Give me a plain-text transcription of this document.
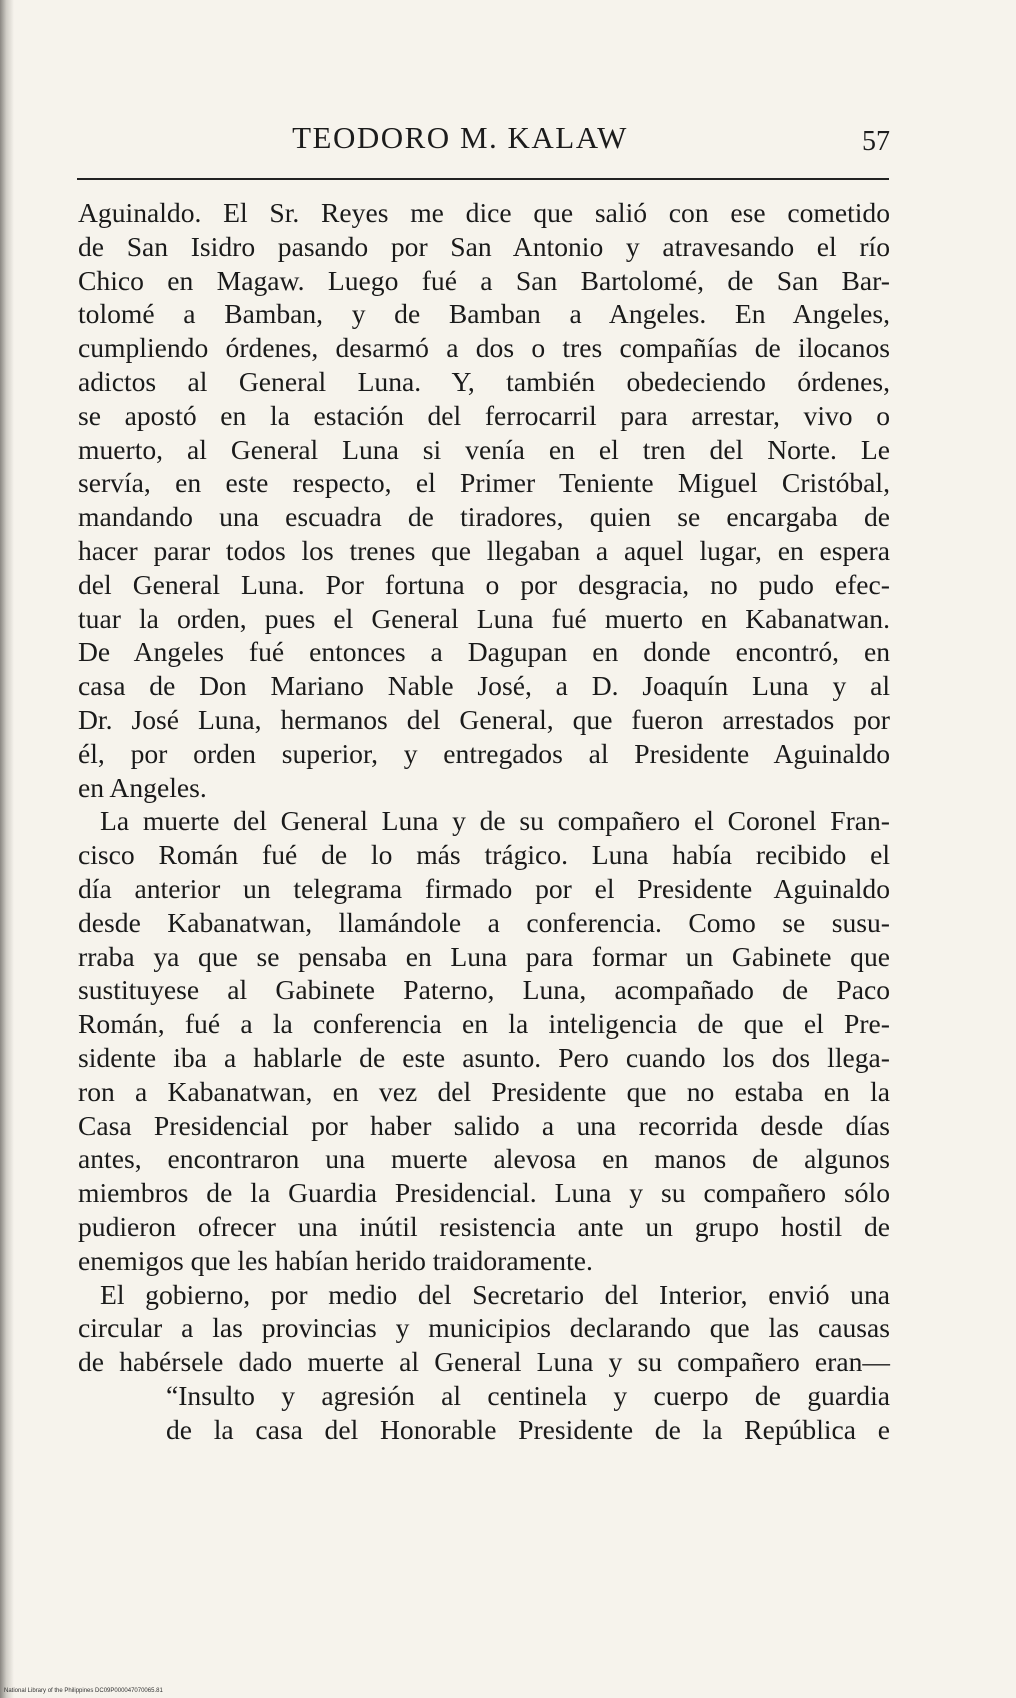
TEODORO M. KALAW	57
Aguinaldo. El Sr. Reyes me dice que salió con ese cometido
de San Isidro pasando por San Antonio y atravesando el río
Chico en Magaw. Luego fué a San Bartolomé, de San Bar-
tolomé a Bamban, y de Bamban a Angeles. En Angeles,
cumpliendo órdenes, desarmó a dos o tres compañías de ilocanos
adictos al General Luna. Y, también obedeciendo órdenes,
se apostó en la estación del ferrocarril para arrestar, vivo o
muerto, al General Luna si venía en el tren del Norte. Le
servía, en este respecto, el Primer Teniente Miguel Cristóbal,
mandando una escuadra de tiradores, quien se encargaba de
hacer parar todos los trenes que llegaban a aquel lugar, en espera
del General Luna. Por fortuna o por desgracia, no pudo efec-
tuar la orden, pues el General Luna fué muerto en Kabanatwan.
De Angeles fué entonces a Dagupan en donde encontró, en
casa de Don Mariano Nable José, a D. Joaquín Luna y al
Dr. José Luna, hermanos del General, que fueron arrestados por
él, por orden superior, y entregados al Presidente Aguinaldo
en Angeles.
La muerte del General Luna y de su compañero el Coronel Fran-
cisco Román fué de lo más trágico. Luna había recibido el
día anterior un telegrama firmado por el Presidente Aguinaldo
desde Kabanatwan, llamándole a conferencia. Como se susu-
rraba ya que se pensaba en Luna para formar un Gabinete que
sustituyese al Gabinete Paterno, Luna, acompañado de Paco
Román, fué a la conferencia en la inteligencia de que el Pre-
sidente iba a hablarle de este asunto. Pero cuando los dos llega-
ron a Kabanatwan, en vez del Presidente que no estaba en la
Casa Presidencial por haber salido a una recorrida desde días
antes, encontraron una muerte alevosa en manos de algunos
miembros de la Guardia Presidencial. Luna y su compañero sólo
pudieron ofrecer una inútil resistencia ante un grupo hostil de
enemigos que les habían herido traidoramente.
El gobierno, por medio del Secretario del Interior, envió una
circular a las provincias y municipios declarando que las causas
de habérsele dado muerte al General Luna y su compañero eran—
“Insulto y agresión al centinela y cuerpo de guardia
de la casa del Honorable Presidente de la República e
National Library of the Philippines DC09P000047070065.81
